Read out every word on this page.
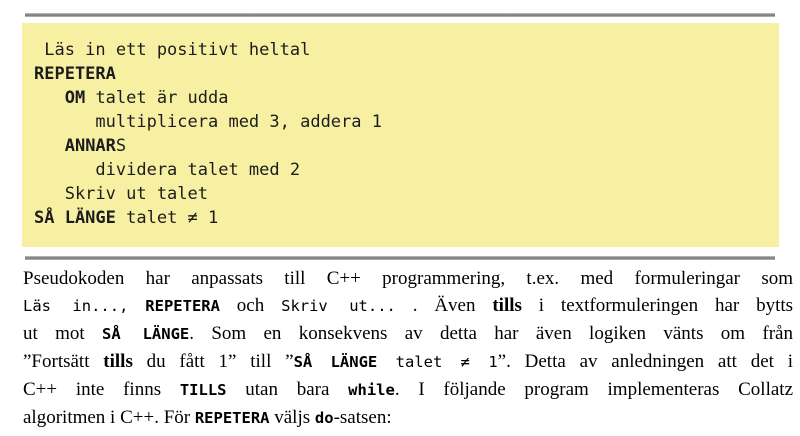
Läs in ett positivt heltal
REPETERA
OM talet är udda
multiplicera med 3, addera 1
ANNARS
dividera talet med 2
Skriv ut talet
SÅ LÄNGE talet ≠ 1
Pseudokoden har anpassats till C++ programmering, t.ex. med formuleringar som
Läs in..., REPETERA och Skriv ut... . Även tills i textformuleringen har bytts
ut mot SÅ LÄNGE. Som en konsekvens av detta har även logiken vänts om från
”Fortsätt tills du fått 1” till ”SÅ LÄNGE talet ≠ 1”. Detta av anledningen att det i
C++ inte finns TILLS utan bara while. I följande program implementeras Collatz
algoritmen i C++. För REPETERA väljs do-satsen:
